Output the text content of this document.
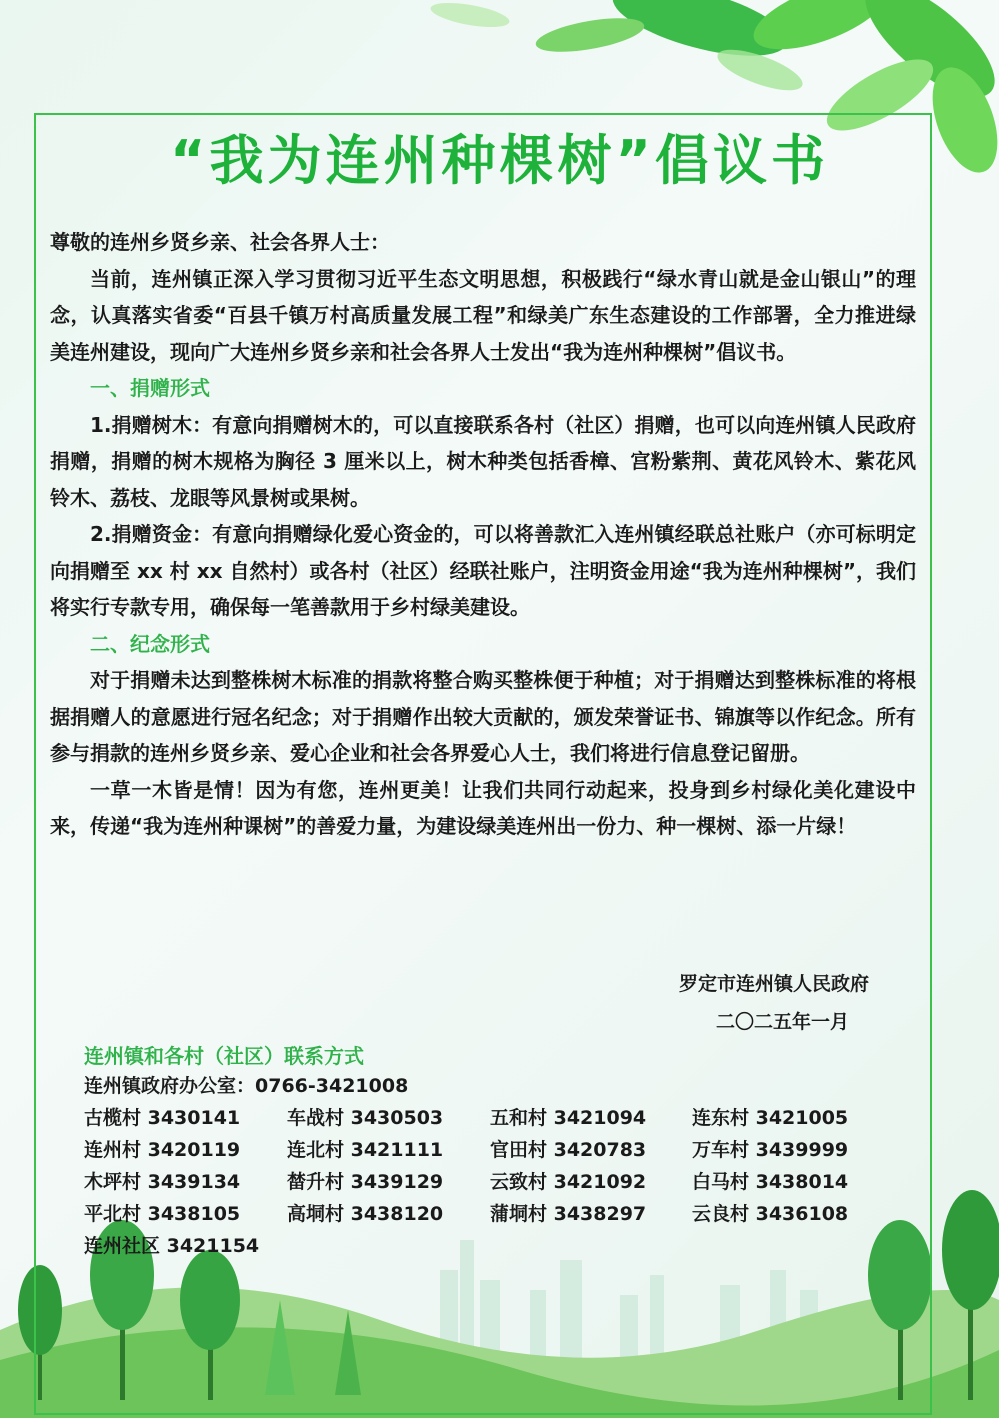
“我为连州种棵树”倡议书

尊敬的连州乡贤乡亲、社会各界人士：

当前，连州镇正深入学习贯彻习近平生态文明思想，积极践行“绿水青山就是金山银山”的理念，认真落实省委“百县千镇万村高质量发展工程”和绿美广东生态建设的工作部署，全力推进绿美连州建设，现向广大连州乡贤乡亲和社会各界人士发出“我为连州种棵树”倡议书。

一、捐赠形式

1.捐赠树木：有意向捐赠树木的，可以直接联系各村（社区）捐赠，也可以向连州镇人民政府捐赠，捐赠的树木规格为胸径 3 厘米以上，树木种类包括香樟、宫粉紫荆、黄花风铃木、紫花风铃木、荔枝、龙眼等风景树或果树。

2.捐赠资金：有意向捐赠绿化爱心资金的，可以将善款汇入连州镇经联总社账户（亦可标明定向捐赠至 xx 村 xx 自然村）或各村（社区）经联社账户，注明资金用途“我为连州种棵树”，我们将实行专款专用，确保每一笔善款用于乡村绿美建设。

二、纪念形式

对于捐赠未达到整株树木标准的捐款将整合购买整株便于种植；对于捐赠达到整株标准的将根据捐赠人的意愿进行冠名纪念；对于捐赠作出较大贡献的，颁发荣誉证书、锦旗等以作纪念。所有参与捐款的连州乡贤乡亲、爱心企业和社会各界爱心人士，我们将进行信息登记留册。

一草一木皆是情！因为有您，连州更美！让我们共同行动起来，投身到乡村绿化美化建设中来，传递“我为连州种课树”的善爱力量，为建设绿美连州出一份力、种一棵树、添一片绿！

罗定市连州镇人民政府
二〇二五年一月
连州镇和各村（社区）联系方式
连州镇政府办公室：0766-3421008
古榄村 3430141 车战村 3430503 五和村 3421094 连东村 3421005
连州村 3420119 连北村 3421111 官田村 3420783 万车村 3439999
木坪村 3439134 榃升村 3439129 云致村 3421092 白马村 3438014
平北村 3438105 高垌村 3438120 蒲垌村 3438297 云良村 3436108
连州社区 3421154
